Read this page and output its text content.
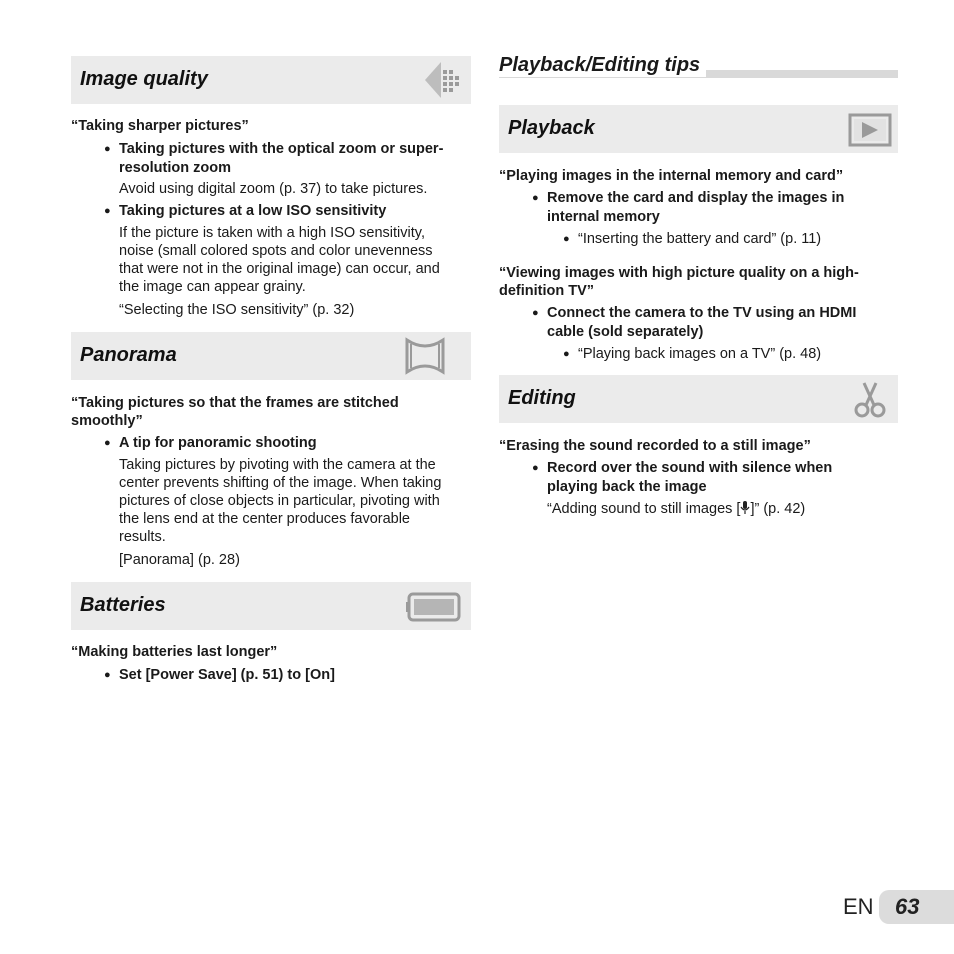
Image quality
“Taking sharper pictures”
● Taking pictures with the optical zoom or super-
resolution zoom
Avoid using digital zoom (p. 37) to take pictures.
● Taking pictures at a low ISO sensitivity
If the picture is taken with a high ISO sensitivity,
noise (small colored spots and color unevenness
that were not in the original image) can occur, and
the image can appear grainy.
“Selecting the ISO sensitivity” (p. 32)
Panorama
“Taking pictures so that the frames are stitched
smoothly”
● A tip for panoramic shooting
Taking pictures by pivoting with the camera at the
center prevents shifting of the image. When taking
pictures of close objects in particular, pivoting with
the lens end at the center produces favorable
results.
[Panorama] (p. 28)
Batteries
“Making batteries last longer”
● Set [Power Save] (p. 51) to [On]
Playback/Editing tips
Playback
“Playing images in the internal memory and card”
● Remove the card and display the images in
internal memory
● “Inserting the battery and card” (p. 11)
“Viewing images with high picture quality on a high-
definition TV”
● Connect the camera to the TV using an HDMI
cable (sold separately)
● “Playing back images on a TV” (p. 48)
Editing
“Erasing the sound recorded to a still image”
● Record over the sound with silence when
playing back the image
“Adding sound to still images [ ]” (p. 42)
EN 63
